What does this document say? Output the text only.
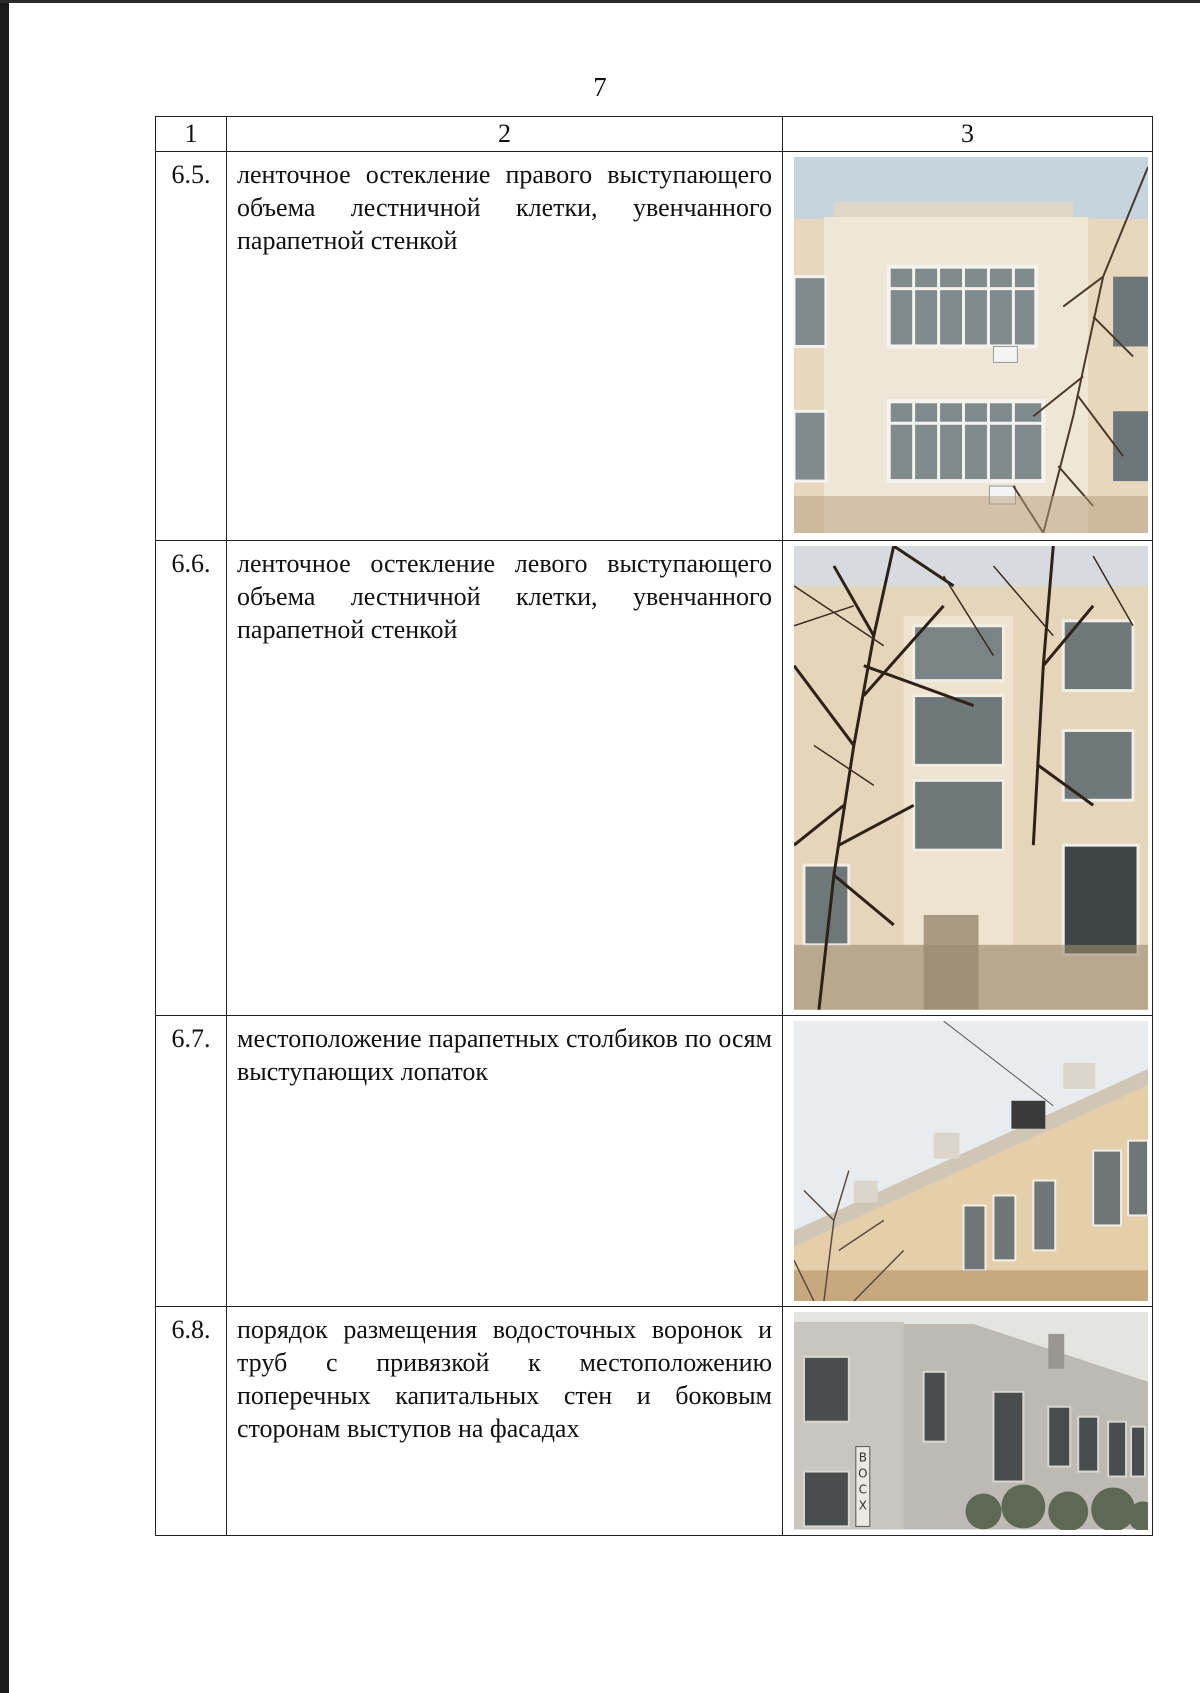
7
1	2	3
6.5.	ленточное остекление правого выступающего объема лестничной клетки, увенчанного парапетной стенкой	

6.6.	ленточное остекление левого выступающего объема лестничной клетки, увенчанного парапетной стенкой	

6.7.	местоположение парапетных столбиков по осям выступающих лопаток	

6.8.	порядок размещения водосточных воронок и труб с привязкой к местоположению поперечных капитальных стен и боковым сторонам выступов на фасадах	В О С Х
